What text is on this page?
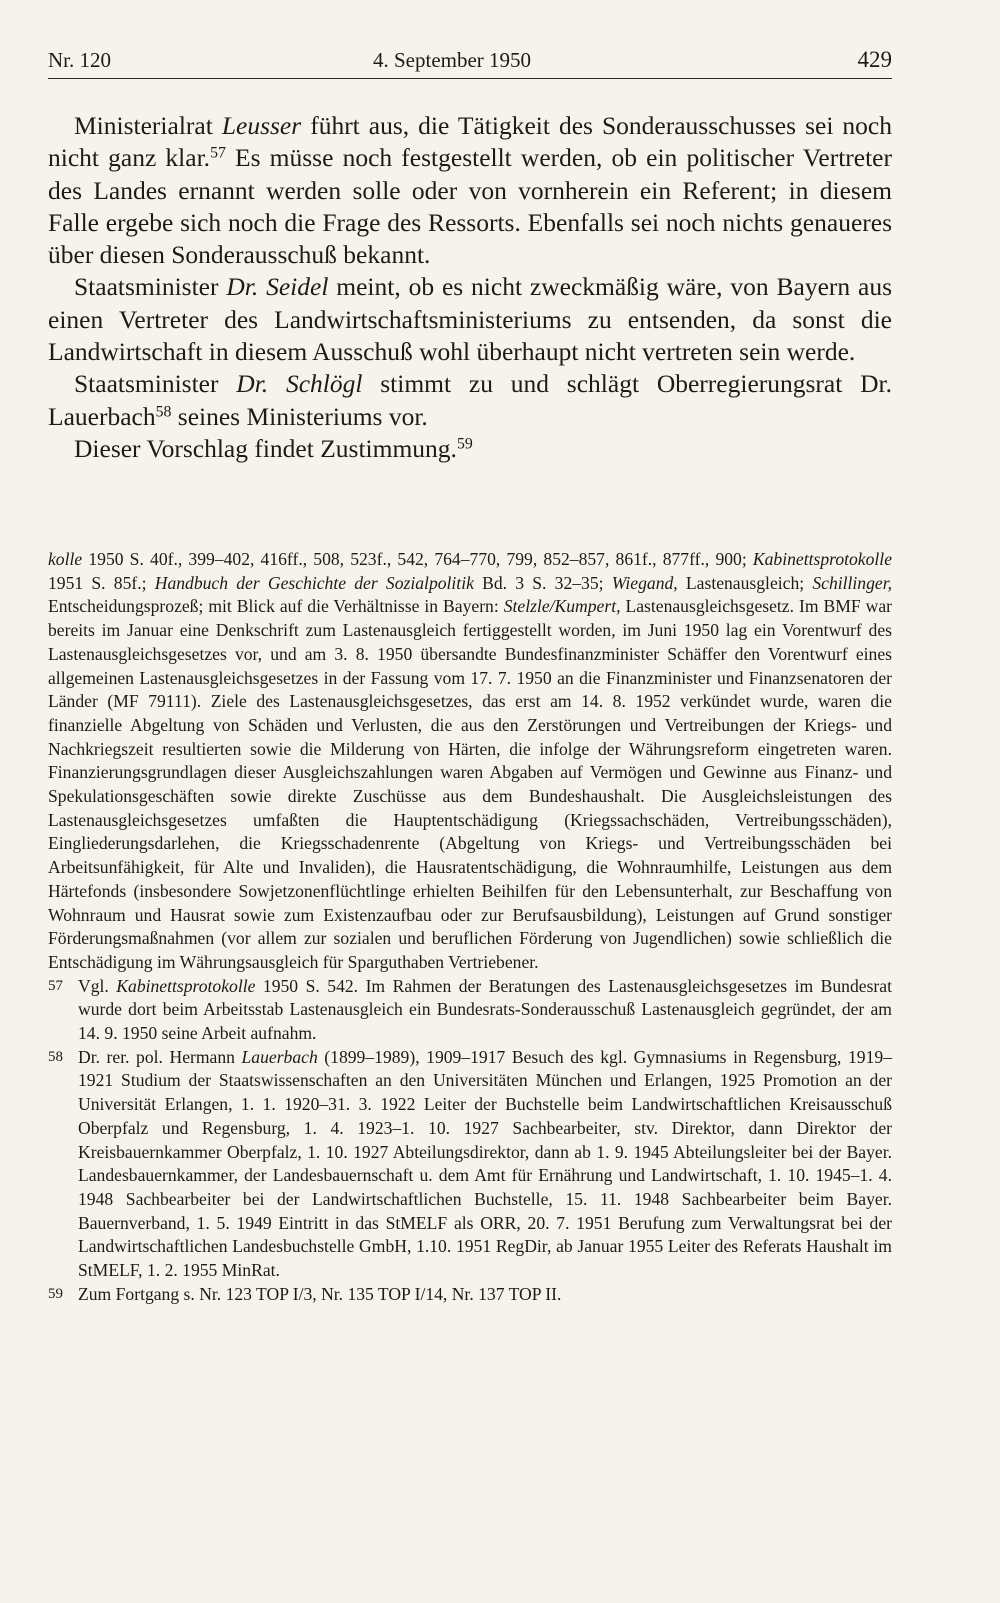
Nr. 120	4. September 1950	429

Ministerialrat Leusser führt aus, die Tätigkeit des Sonderausschusses sei noch nicht ganz klar.$^{57}$ Es müsse noch festgestellt werden, ob ein politischer Vertreter des Landes ernannt werden solle oder von vornherein ein Referent; in diesem Falle ergebe sich noch die Frage des Ressorts. Ebenfalls sei noch nichts genaueres über diesen Sonderausschuß bekannt.

Staatsminister Dr. Seidel meint, ob es nicht zweckmäßig wäre, von Bayern aus einen Vertreter des Landwirtschaftsministeriums zu entsenden, da sonst die Landwirtschaft in diesem Ausschuß wohl überhaupt nicht vertreten sein werde.

Staatsminister Dr. Schlögl stimmt zu und schlägt Oberregierungsrat Dr. Lauerbach$^{58}$ seines Ministeriums vor.

Dieser Vorschlag findet Zustimmung.$^{59}$

kolle 1950 S. 40f., 399–402, 416ff., 508, 523f., 542, 764–770, 799, 852–857, 861f., 877ff., 900; Kabinettsprotokolle 1951 S. 85f.; Handbuch der Geschichte der Sozialpolitik Bd. 3 S. 32–35; Wiegand, Lastenausgleich; Schillinger, Entscheidungsprozeß; mit Blick auf die Verhältnisse in Bayern: Stelzle/Kumpert, Lastenausgleichsgesetz. Im BMF war bereits im Januar eine Denkschrift zum Lastenausgleich fertiggestellt worden, im Juni 1950 lag ein Vorentwurf des Lastenausgleichsgesetzes vor, und am 3. 8. 1950 übersandte Bundesfinanzminister Schäffer den Vorentwurf eines allgemeinen Lastenausgleichsgesetzes in der Fassung vom 17. 7. 1950 an die Finanzminister und Finanzsenatoren der Länder (MF 79111). Ziele des Lastenausgleichsgesetzes, das erst am 14. 8. 1952 verkündet wurde, waren die finanzielle Abgeltung von Schäden und Verlusten, die aus den Zerstörungen und Vertreibungen der Kriegs- und Nachkriegszeit resultierten sowie die Milderung von Härten, die infolge der Währungsreform eingetreten waren. Finanzierungsgrundlagen dieser Ausgleichszahlungen waren Abgaben auf Vermögen und Gewinne aus Finanz- und Spekulationsgeschäften sowie direkte Zuschüsse aus dem Bundeshaushalt. Die Ausgleichsleistungen des Lastenausgleichsgesetzes umfaßten die Hauptentschädigung (Kriegssachschäden, Vertreibungsschäden), Eingliederungsdarlehen, die Kriegsschadenrente (Abgeltung von Kriegs- und Vertreibungsschäden bei Arbeitsunfähigkeit, für Alte und Invaliden), die Hausratentschädigung, die Wohnraumhilfe, Leistungen aus dem Härtefonds (insbesondere Sowjetzonenflüchtlinge erhielten Beihilfen für den Lebensunterhalt, zur Beschaffung von Wohnraum und Hausrat sowie zum Existenzaufbau oder zur Berufsausbildung), Leistungen auf Grund sonstiger Förderungsmaßnahmen (vor allem zur sozialen und beruflichen Förderung von Jugendlichen) sowie schließlich die Entschädigung im Währungsausgleich für Sparguthaben Vertriebener.

57 Vgl. Kabinettsprotokolle 1950 S. 542. Im Rahmen der Beratungen des Lastenausgleichsgesetzes im Bundesrat wurde dort beim Arbeitsstab Lastenausgleich ein Bundesrats-Sonderausschuß Lastenausgleich gegründet, der am 14. 9. 1950 seine Arbeit aufnahm.

58 Dr. rer. pol. Hermann Lauerbach (1899–1989), 1909–1917 Besuch des kgl. Gymnasiums in Regensburg, 1919–1921 Studium der Staatswissenschaften an den Universitäten München und Erlangen, 1925 Promotion an der Universität Erlangen, 1. 1. 1920–31. 3. 1922 Leiter der Buchstelle beim Landwirtschaftlichen Kreisausschuß Oberpfalz und Regensburg, 1. 4. 1923–1. 10. 1927 Sachbearbeiter, stv. Direktor, dann Direktor der Kreisbauernkammer Oberpfalz, 1. 10. 1927 Abteilungsdirektor, dann ab 1. 9. 1945 Abteilungsleiter bei der Bayer. Landesbauernkammer, der Landesbauernschaft u. dem Amt für Ernährung und Landwirtschaft, 1. 10. 1945–1. 4. 1948 Sachbearbeiter bei der Landwirtschaftlichen Buchstelle, 15. 11. 1948 Sachbearbeiter beim Bayer. Bauernverband, 1. 5. 1949 Eintritt in das StMELF als ORR, 20. 7. 1951 Berufung zum Verwaltungsrat bei der Landwirtschaftlichen Landesbuchstelle GmbH, 1.10. 1951 RegDir, ab Januar 1955 Leiter des Referats Haushalt im StMELF, 1. 2. 1955 MinRat.

59 Zum Fortgang s. Nr. 123 TOP I/3, Nr. 135 TOP I/14, Nr. 137 TOP II.
